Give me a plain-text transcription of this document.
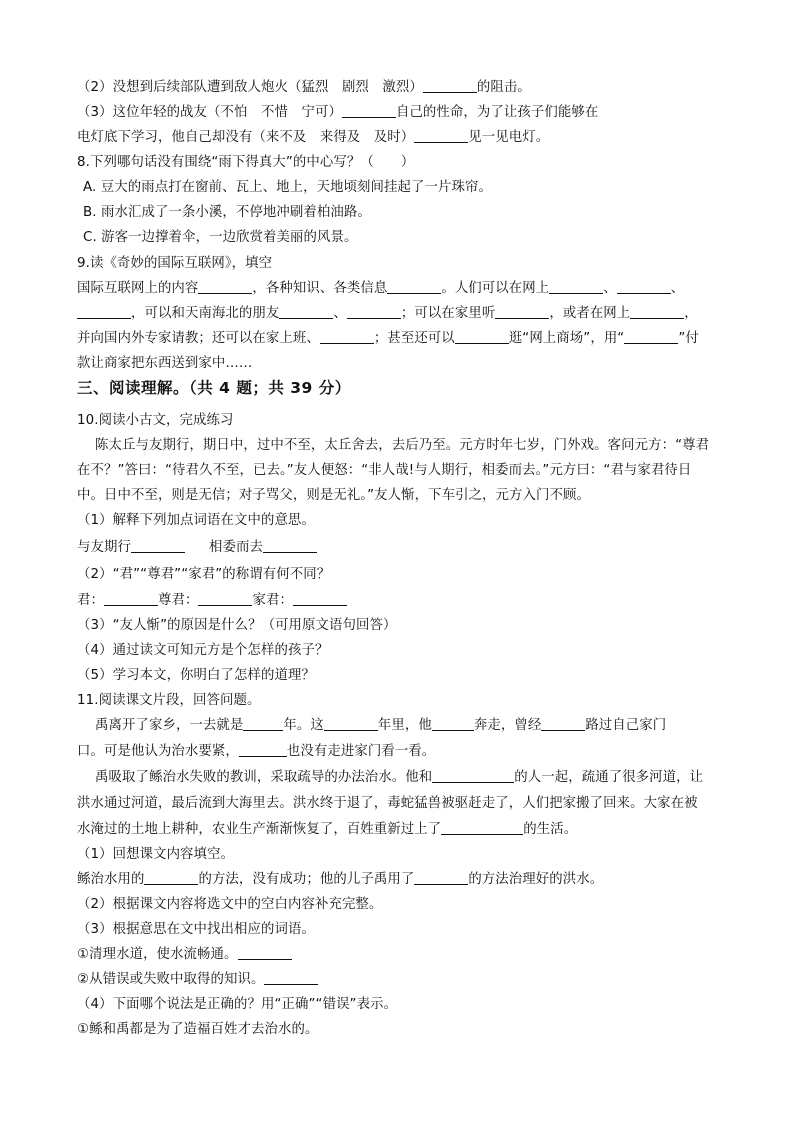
（2）没想到后续部队遭到敌人炮火（猛烈　剧烈　激烈）	的阻击。
（3）这位年轻的战友（不怕　不惜　宁可）	自己的性命，为了让孩子们能够在
电灯底下学习，他自己却没有（来不及　来得及　及时）	见一见电灯。
8.下列哪句话没有围绕“雨下得真大”的中心写？（　　）
A. 豆大的雨点打在窗前、瓦上、地上，天地顷刻间挂起了一片珠帘。
B. 雨水汇成了一条小溪，不停地冲刷着柏油路。
C. 游客一边撑着伞，一边欣赏着美丽的风景。
9.读《奇妙的国际互联网》，填空
国际互联网上的内容	，各种知识、各类信息	。人们可以在网上	、	、
，可以和天南海北的朋友	、	；可以在家里听	，或者在网上	，
并向国内外专家请教；还可以在家上班、	；甚至还可以	逛“网上商场”，用“	”付
款让商家把东西送到家中……
三、阅读理解。（共 4 题；共 39 分）
10.阅读小古文，完成练习
陈太丘与友期行，期日中，过中不至，太丘舍去，去后乃至。元方时年七岁，门外戏。客问元方：“尊君
在不？”答曰：“待君久不至，已去。”友人便怒：“非人哉!与人期行，相委而去。”元方曰：“君与家君待日
中。日中不至，则是无信；对子骂父，则是无礼。”友人惭，下车引之，元方入门不顾。
（1）解释下列加点词语在文中的意思。
与友期行	相委而去
（2）“君”“尊君”“家君”的称谓有何不同？
君：	尊君：	家君：
（3）“友人惭”的原因是什么？（可用原文语句回答）
（4）通过读文可知元方是个怎样的孩子？
（5）学习本文，你明白了怎样的道理？
11.阅读课文片段，回答问题。
禹离开了家乡，一去就是	年。这	年里，他	奔走，曾经	路过自己家门
口。可是他认为治水要紧，	也没有走进家门看一看。
禹吸取了鲧治水失败的教训，采取疏导的办法治水。他和	的人一起，疏通了很多河道，让
洪水通过河道，最后流到大海里去。洪水终于退了，毒蛇猛兽被驱赶走了，人们把家搬了回来。大家在被
水淹过的土地上耕种，农业生产渐渐恢复了，百姓重新过上了	的生活。
（1）回想课文内容填空。
鲧治水用的	的方法，没有成功；他的儿子禹用了	的方法治理好的洪水。
（2）根据课文内容将选文中的空白内容补充完整。
（3）根据意思在文中找出相应的词语。
①清理水道，使水流畅通。
②从错误或失败中取得的知识。
（4）下面哪个说法是正确的？用“正确”“错误”表示。
①鲧和禹都是为了造福百姓才去治水的。
